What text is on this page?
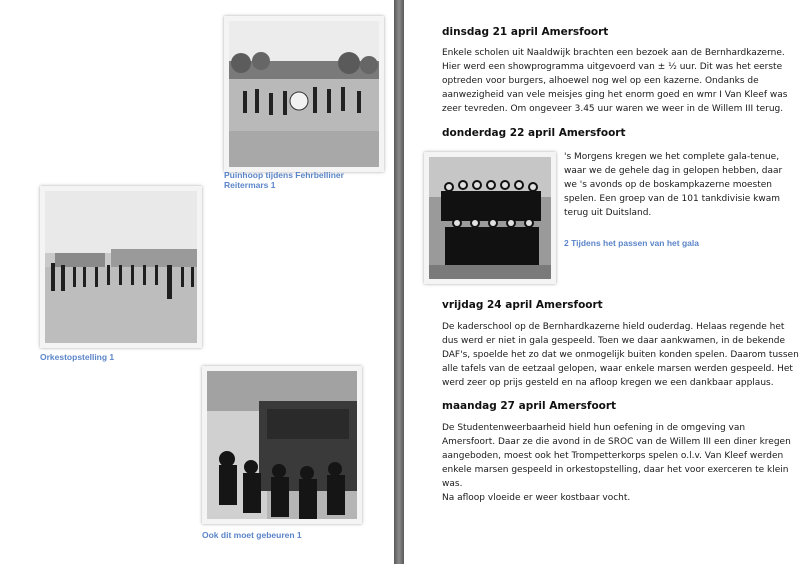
Puinhoop tijdens Fehrbelliner
Reitermars 1
Orkestopstelling 1
Ook dit moet gebeuren 1
dinsdag 21 april Amersfoort

Enkele scholen uit Naaldwijk brachten een bezoek aan de Bernhardkazerne.
Hier werd een showprogramma uitgevoerd van ± ½ uur. Dit was het eerste
optreden voor burgers, alhoewel nog wel op een kazerne. Ondanks de
aanwezigheid van vele meisjes ging het enorm goed en wmr I Van Kleef was
zeer tevreden. Om ongeveer 3.45 uur waren we weer in de Willem III terug.

donderdag 22 april Amersfoort

's Morgens kregen we het complete gala-tenue,
waar we de gehele dag in gelopen hebben, daar
we 's avonds op de boskampkazerne moesten
spelen. Een groep van de 101 tankdivisie kwam
terug uit Duitsland.

2 Tijdens het passen van het gala
vrijdag 24 april Amersfoort

De kaderschool op de Bernhardkazerne hield ouderdag. Helaas regende het
dus werd er niet in gala gespeeld. Toen we daar aankwamen, in de bekende
DAF's, spoelde het zo dat we onmogelijk buiten konden spelen. Daarom tussen
alle tafels van de eetzaal gelopen, waar enkele marsen werden gespeeld. Het
werd zeer op prijs gesteld en na afloop kregen we een dankbaar applaus.

maandag 27 april Amersfoort

De Studentenweerbaarheid hield hun oefening in de omgeving van
Amersfoort. Daar ze die avond in de SROC van de Willem III een diner kregen
aangeboden, moest ook het Trompetterkorps spelen o.l.v. Van Kleef werden
enkele marsen gespeeld in orkestopstelling, daar het voor exerceren te klein
was.
Na afloop vloeide er weer kostbaar vocht.
